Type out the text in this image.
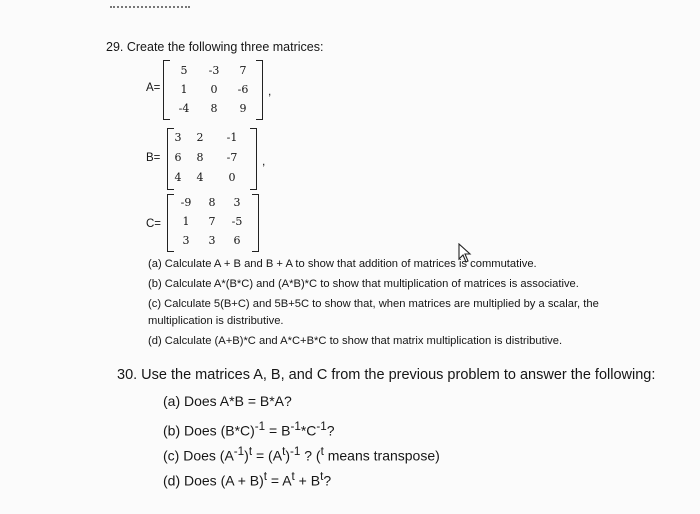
29. Create the following three matrices:
A=
5	-3	7
1	0	-6
-4	8	9
,
B=
3	2	-1
6	8	-7
4	4	0
,
C=
-9	8	3
1	7	-5
3	3	6
(a) Calculate A + B and B + A to show that addition of matrices is commutative.
(b) Calculate A*(B*C) and (A*B)*C to show that multiplication of matrices is associative.
(c) Calculate 5(B+C) and 5B+5C to show that, when matrices are multiplied by a scalar, the
multiplication is distributive.
(d) Calculate (A+B)*C and A*C+B*C to show that matrix multiplication is distributive.
30. Use the matrices A, B, and C from the previous problem to answer the following:
(a) Does A*B = B*A?
(b) Does $(B*C)^{-1} = B^{-1}*C^{-1}$?
(c) Does $(A^{-1})^t = (A^t)^{-1}$ ? ($^t$ means transpose)
(d) Does $(A + B)^t = A^t + B^t$?
